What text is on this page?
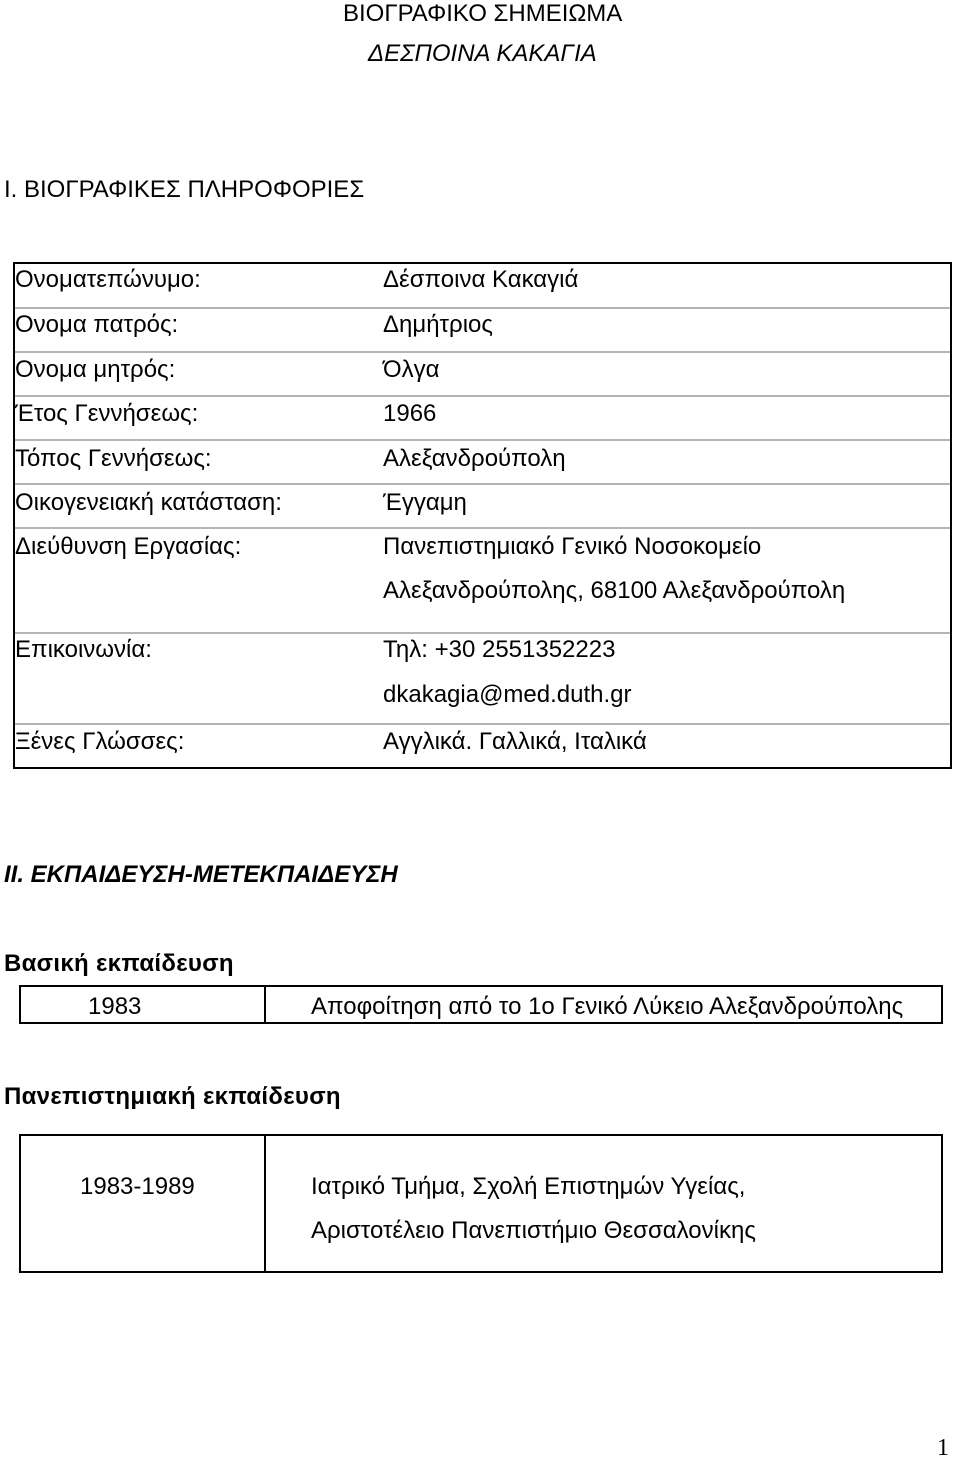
ΒΙΟΓΡΑΦΙΚΟ ΣΗΜΕΙΩΜΑ
ΔΕΣΠΟΙΝΑ ΚΑΚΑΓΙΑ
I. ΒΙΟΓΡΑΦΙΚΕΣ ΠΛΗΡΟΦΟΡΙΕΣ
Ονοματεπώνυμο:
Ονομα πατρός:
Ονομα μητρός:
Έτος Γεννήσεως:
Τόπος Γεννήσεως:
Οικογενειακή κατάσταση:
Διεύθυνση Εργασίας:
Επικοινωνία:
Ξένες Γλώσσες:
Δέσποινα Κακαγιά
Δημήτριος
Όλγα
1966
Αλεξανδρούπολη
Έγγαμη
Πανεπιστημιακό Γενικό Νοσοκομείο
Αλεξανδρούπολης, 68100 Αλεξανδρούπολη
Τηλ: +30 2551352223
dkakagia@med.duth.gr
Αγγλικά. Γαλλικά, Ιταλικά
II. ΕΚΠΑΙΔΕΥΣΗ-ΜΕΤΕΚΠΑΙΔΕΥΣΗ
Βασική εκπαίδευση
1983	Αποφοίτηση από το 1ο Γενικό Λύκειο Αλεξανδρούπολης
Πανεπιστημιακή εκπαίδευση
1983-1989	Ιατρικό Τμήμα, Σχολή Επιστημών Υγείας,
Αριστοτέλειο Πανεπιστήμιο Θεσσαλονίκης
1
